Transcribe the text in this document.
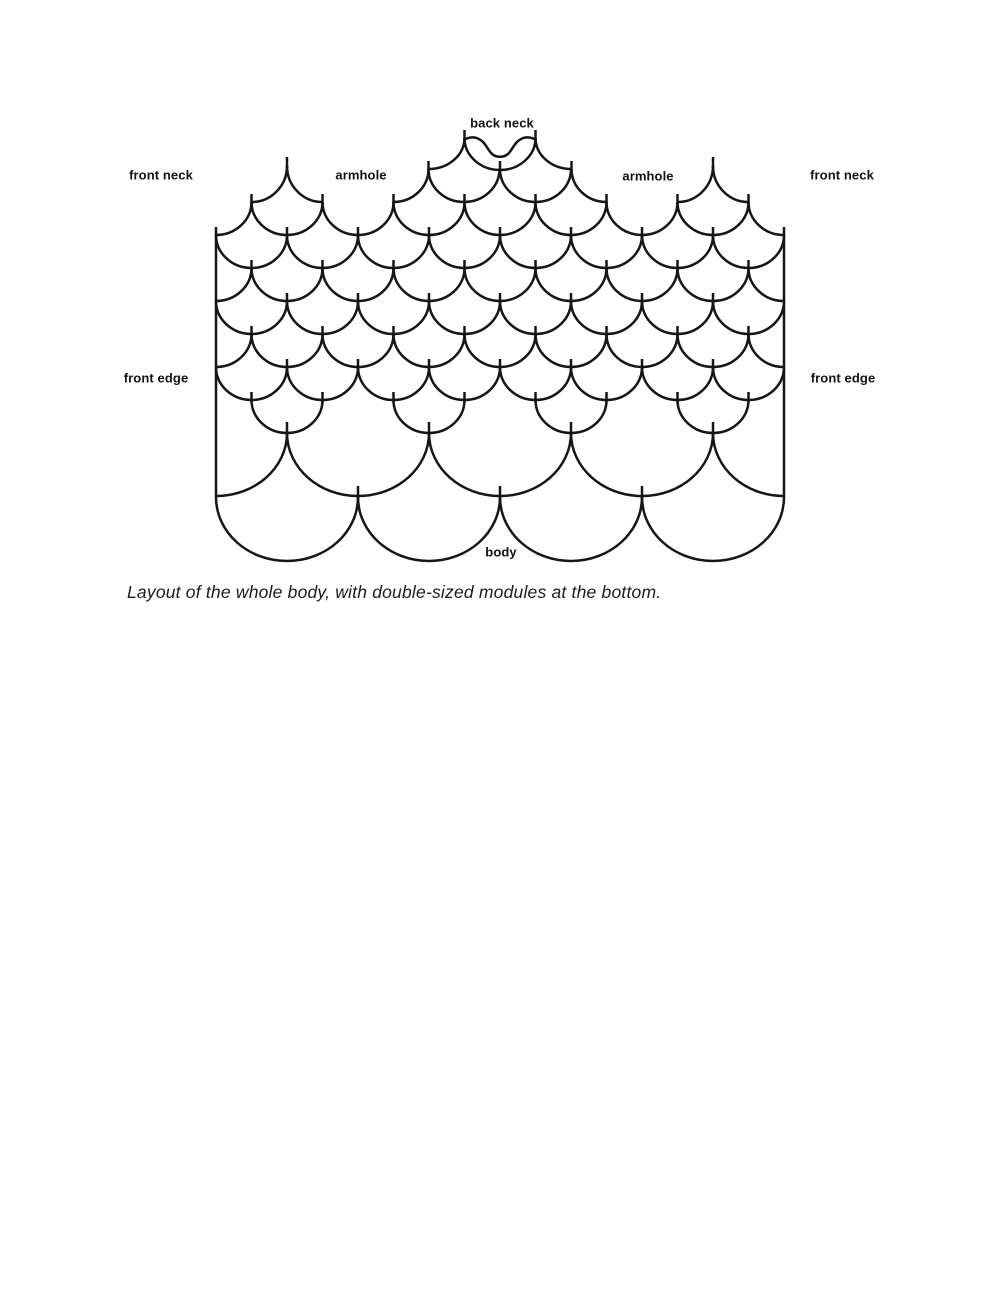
back neck
front neck	armhole	armhole	front neck
front edge	front edge
body
Layout of the whole body, with double-sized modules at the bottom.
